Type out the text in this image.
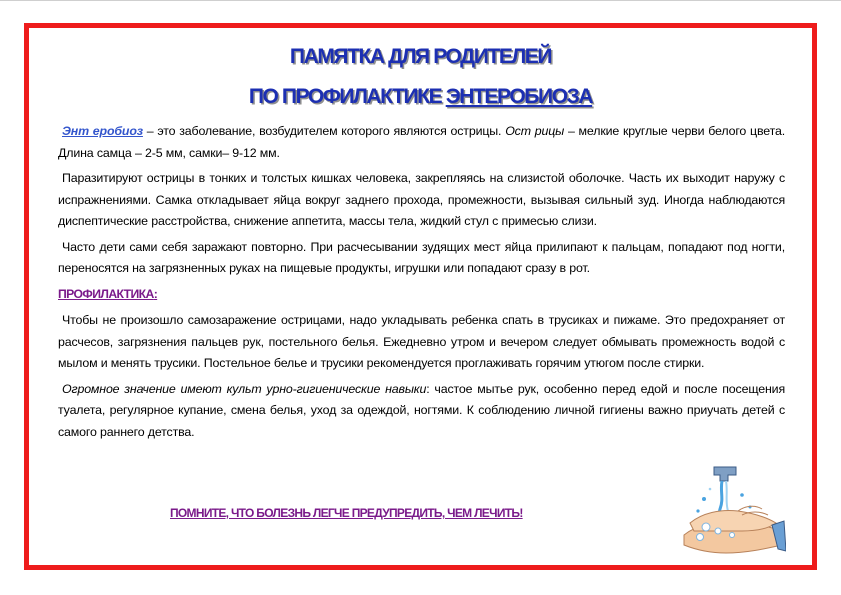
ПАМЯТКА ДЛЯ РОДИТЕЛЕЙ
ПО ПРОФИЛАКТИКЕ ЭНТЕРОБИОЗА

Энт еробиоз – это заболевание, возбудителем которого являются острицы. Ост рицы – мелкие круглые черви белого цвета. Длина самца – 2-5 мм, самки– 9-12 мм.

Паразитируют острицы в тонких и толстых кишках человека, закрепляясь на слизистой оболочке. Часть их выходит наружу с испражнениями. Самка откладывает яйца вокруг заднего прохода, промежности, вызывая сильный зуд. Иногда наблюдаются диспептические расстройства, снижение аппетита, массы тела, жидкий стул с примесью слизи.

Часто дети сами себя заражают повторно. При расчесывании зудящих мест яйца прилипают к пальцам, попадают под ногти, переносятся на загрязненных руках на пищевые продукты, игрушки или попадают сразу в рот.

ПРОФИЛАКТИКА:

Чтобы не произошло самозаражение острицами, надо укладывать ребенка спать в трусиках и пижаме. Это предохраняет от расчесов, загрязнения пальцев рук, постельного белья. Ежедневно утром и вечером следует обмывать промежность водой с мылом и менять трусики. Постельное белье и трусики рекомендуется проглаживать горячим утюгом после стирки.

Огромное значение имеют культ урно-гигиенические навыки: частое мытье рук, особенно перед едой и после посещения туалета, регулярное купание, смена белья, уход за одеждой, ногтями. К соблюдению личной гигиены важно приучать детей с самого раннего детства.

ПОМНИТЕ, ЧТО БОЛЕЗНЬ ЛЕГЧЕ ПРЕДУПРЕДИТЬ, ЧЕМ ЛЕЧИТЬ!
